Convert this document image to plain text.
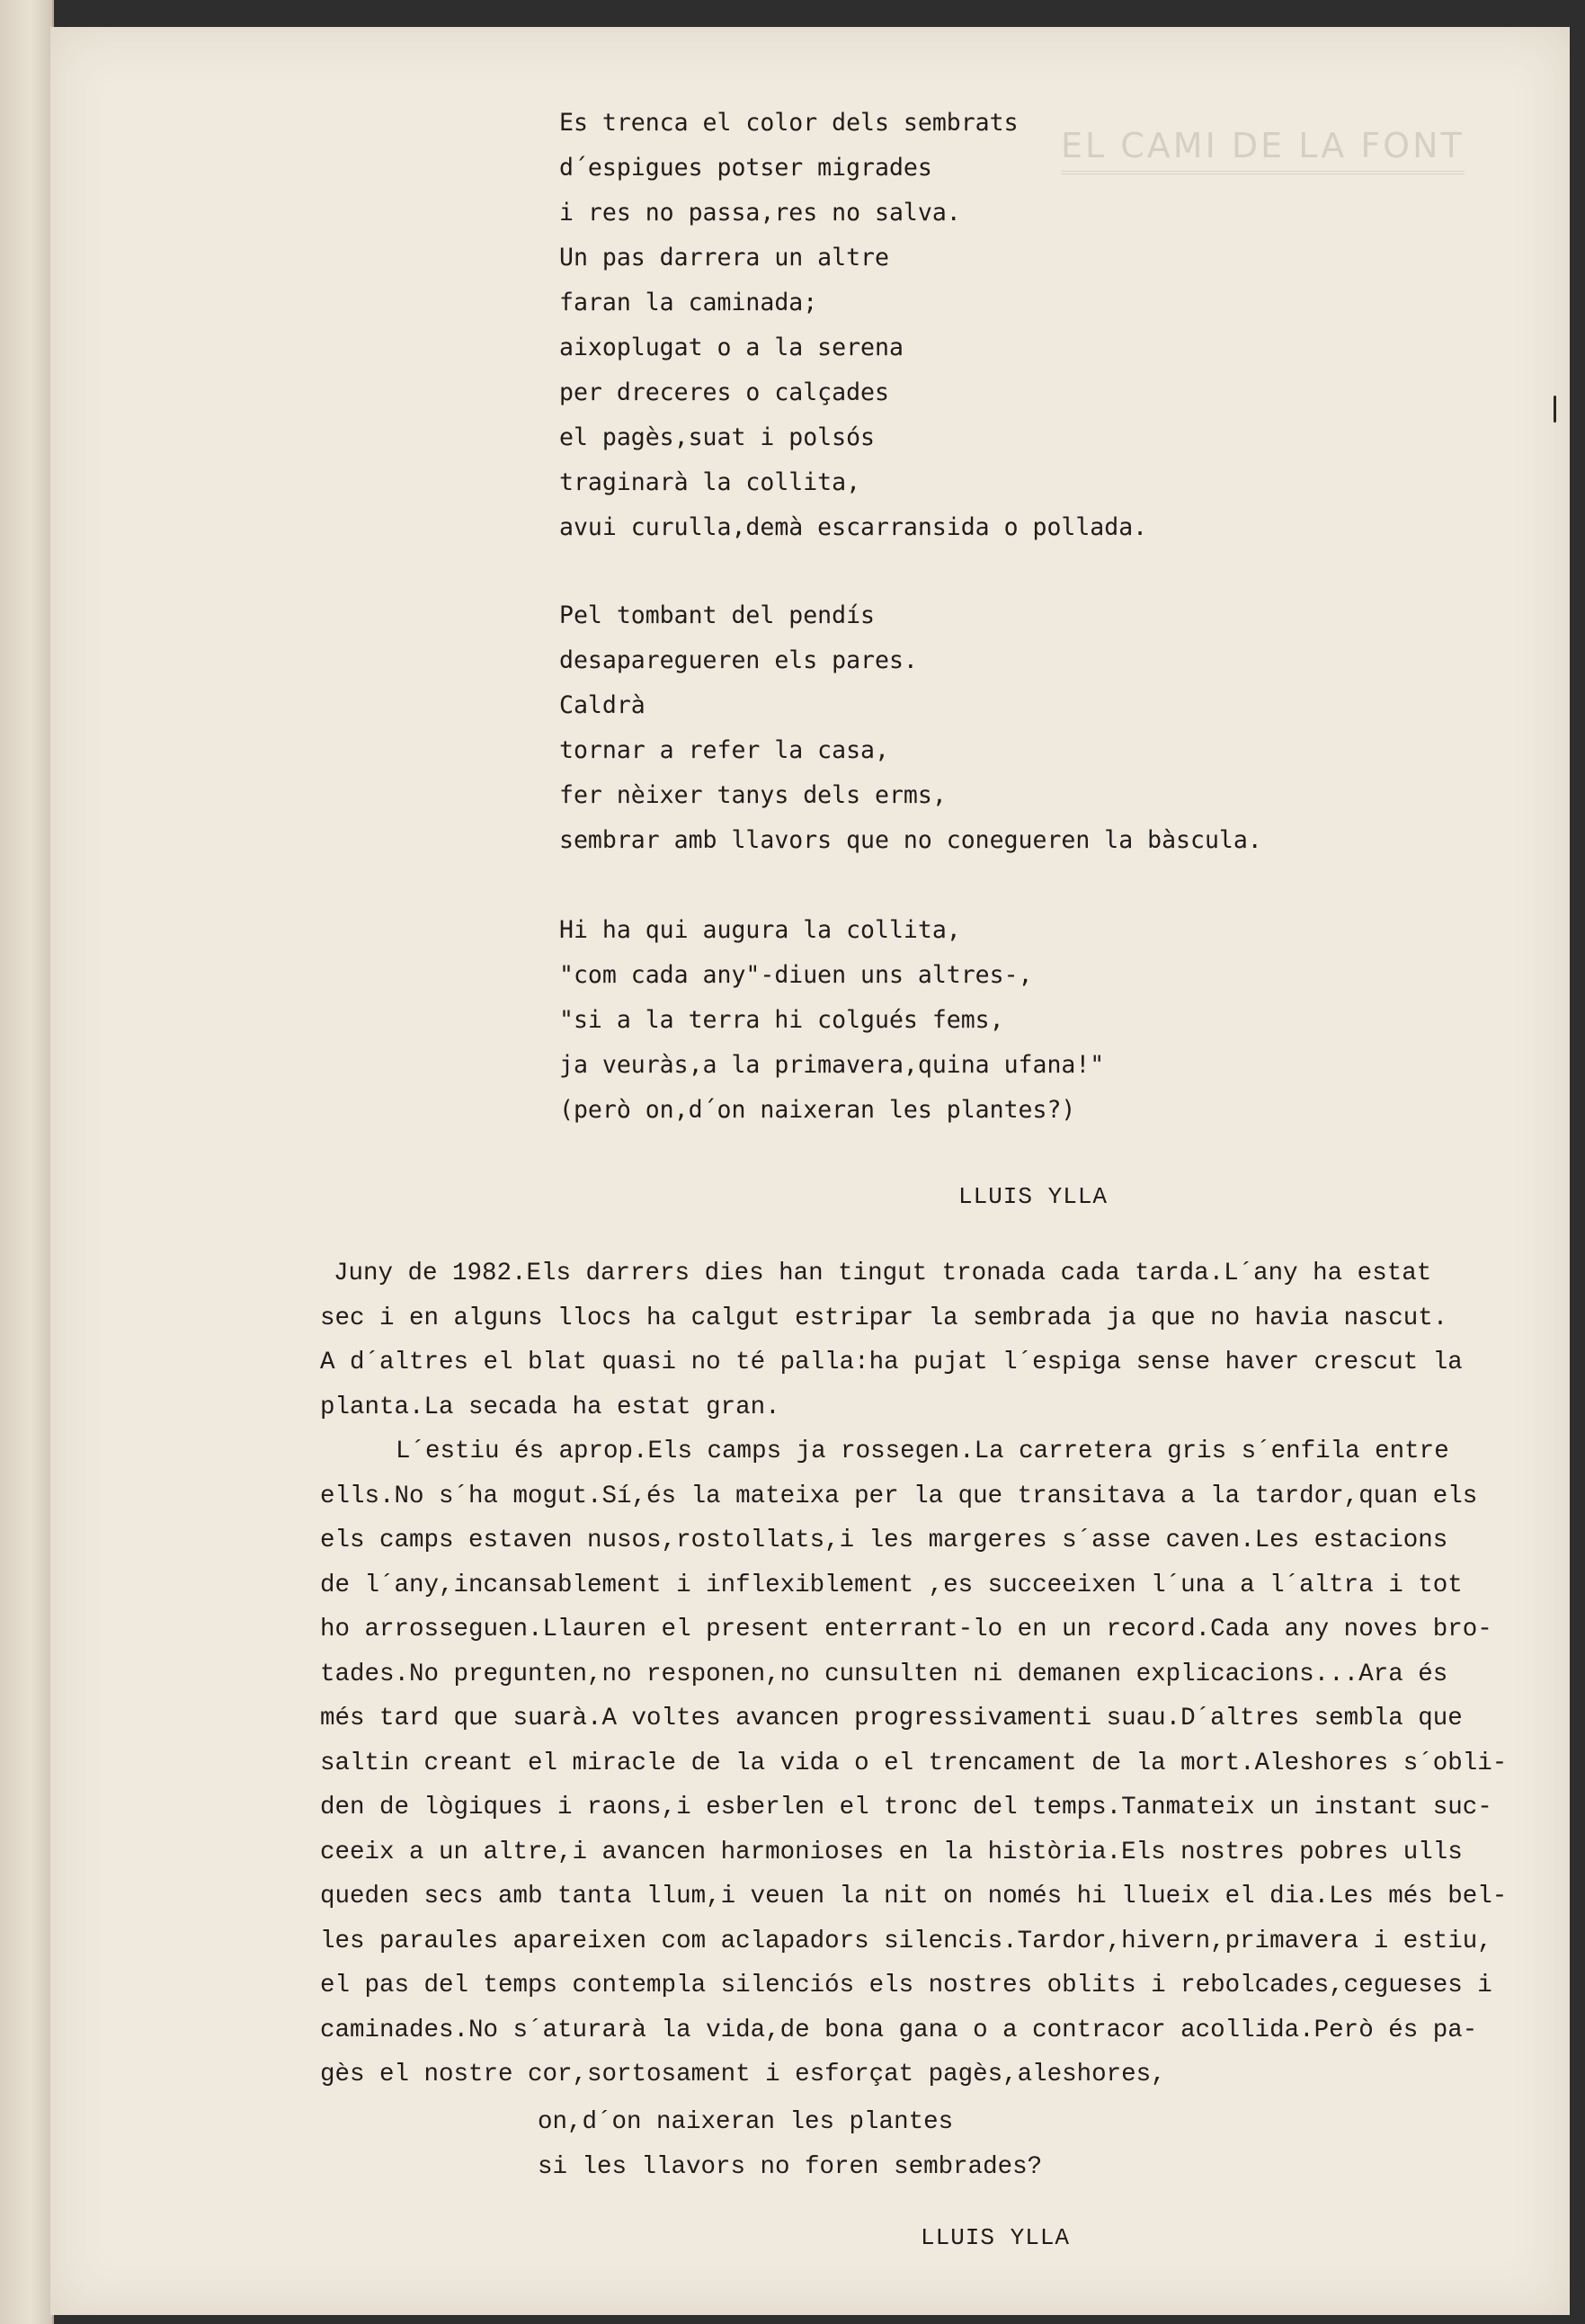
EL CAMI DE LA FONT

Es trenca el color dels sembrats
d´espigues potser migrades
i res no passa,res no salva.
Un pas darrera un altre
faran la caminada;
aixoplugat o a la serena
per dreceres o calçades
el pagès,suat i polsós
traginarà la collita,
avui curulla,demà escarransida o pollada.
Pel tombant del pendís
desaparegueren els pares.
Caldrà
tornar a refer la casa,
fer nèixer tanys dels erms,
sembrar amb llavors que no conegueren la bàscula.
Hi ha qui augura la collita,
"com cada any"-diuen uns altres-,
"si a la terra hi colgués fems,
ja veuràs,a la primavera,quina ufana!"
(però on,d´on naixeran les plantes?)

LLUIS YLLA

Juny de 1982.Els darrers dies han tingut tronada cada tarda.L´any ha estat
sec i en alguns llocs ha calgut estripar la sembrada ja que no havia nascut.
A d´altres el blat quasi no té palla:ha pujat l´espiga sense haver crescut la
planta.La secada ha estat gran.
L´estiu és aprop.Els camps ja rossegen.La carretera gris s´enfila entre
ells.No s´ha mogut.Sí,és la mateixa per la que transitava a la tardor,quan els
els camps estaven nusos,rostollats,i les margeres s´asse caven.Les estacions
de l´any,incansablement i inflexiblement ,es succeeixen l´una a l´altra i tot
ho arrosseguen.Llauren el present enterrant-lo en un record.Cada any noves bro-
tades.No pregunten,no responen,no cunsulten ni demanen explicacions...Ara és
més tard que suarà.A voltes avancen progressivamenti suau.D´altres sembla que
saltin creant el miracle de la vida o el trencament de la mort.Aleshores s´obli-
den de lògiques i raons,i esberlen el tronc del temps.Tanmateix un instant suc-
ceeix a un altre,i avancen harmonioses en la història.Els nostres pobres ulls
queden secs amb tanta llum,i veuen la nit on només hi llueix el dia.Les més bel-
les paraules apareixen com aclapadors silencis.Tardor,hivern,primavera i estiu,
el pas del temps contempla silenciós els nostres oblits i rebolcades,cegueses i
caminades.No s´aturarà la vida,de bona gana o a contracor acollida.Però és pa-
gès el nostre cor,sortosament i esforçat pagès,aleshores,
on,d´on naixeran les plantes
si les llavors no foren sembrades?

LLUIS YLLA
